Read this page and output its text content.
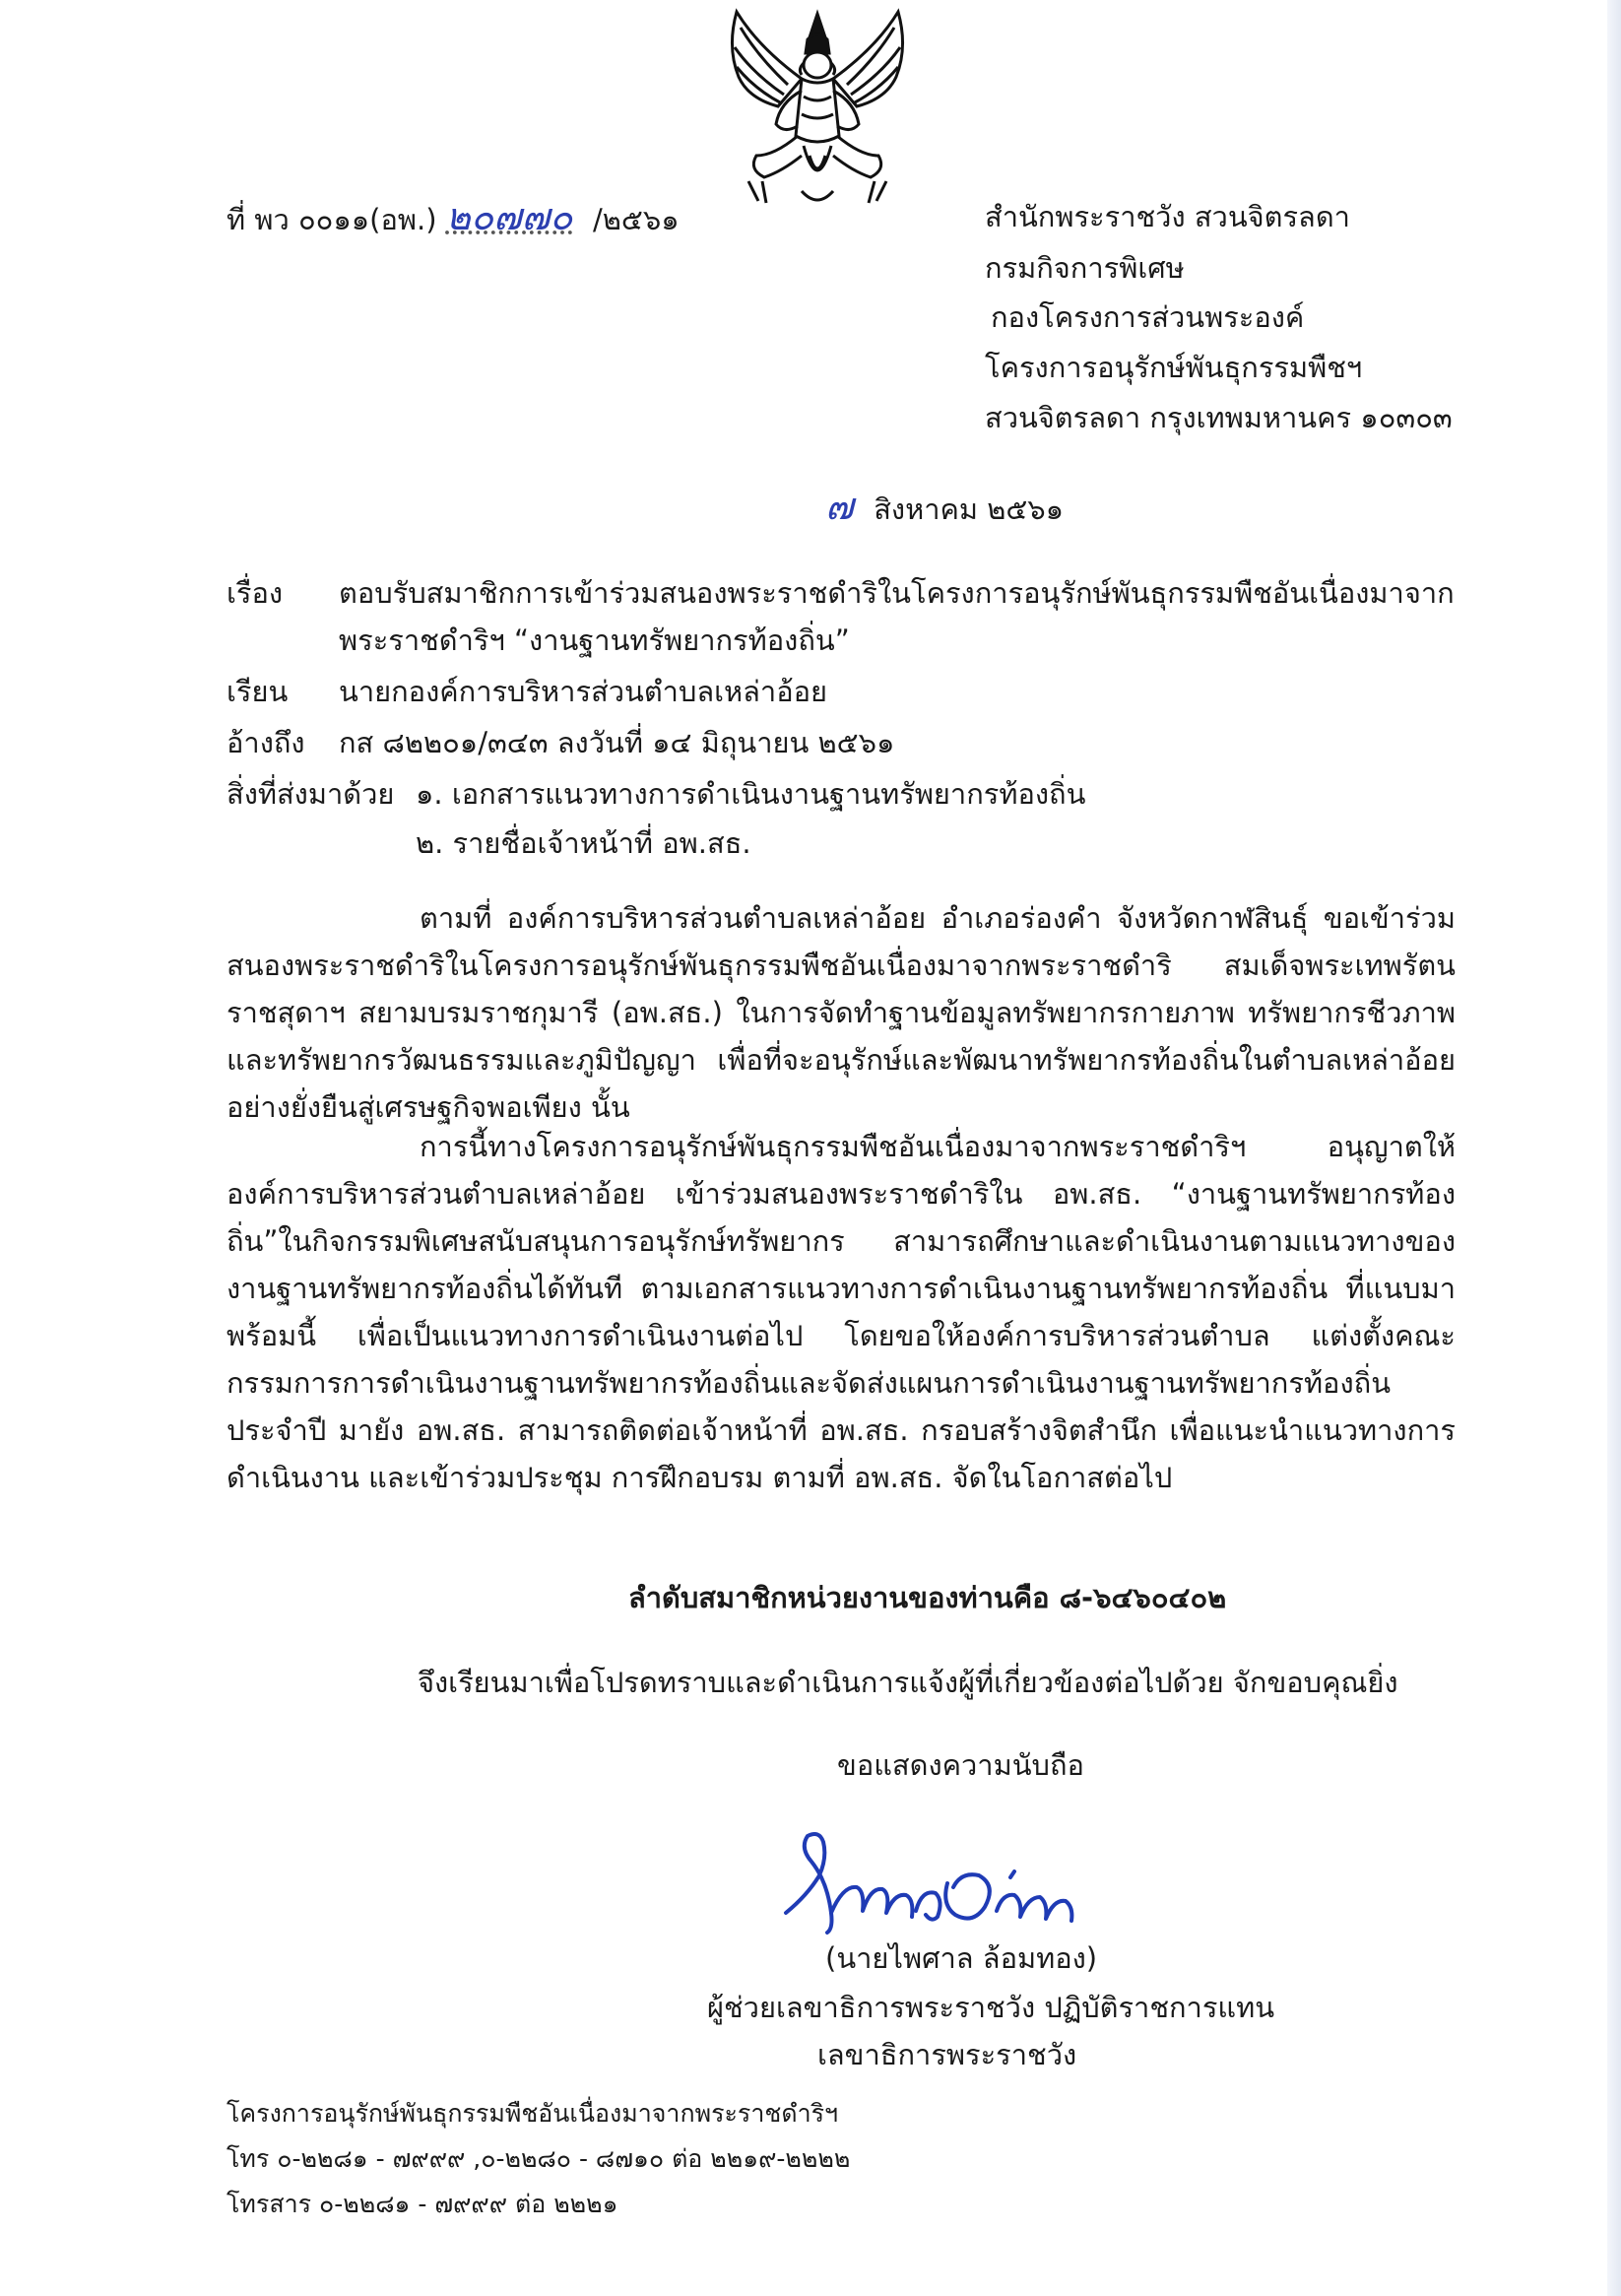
ที่ พว ๐๐๑๑(อพ.) ๒๐๗๗๐ /๒๕๖๑	สำนักพระราชวัง สวนจิตรลดา
กรมกิจการพิเศษ
กองโครงการส่วนพระองค์
โครงการอนุรักษ์พันธุกรรมพืชฯ
สวนจิตรลดา กรุงเทพมหานคร ๑๐๓๐๓
๗ สิงหาคม ๒๕๖๑
เรื่อง ตอบรับสมาชิกการเข้าร่วมสนองพระราชดำริในโครงการอนุรักษ์พันธุกรรมพืชอันเนื่องมาจาก
พระราชดำริฯ “งานฐานทรัพยากรท้องถิ่น”
เรียน นายกองค์การบริหารส่วนตำบลเหล่าอ้อย
อ้างถึง กส ๘๒๒๐๑/๓๔๓ ลงวันที่ ๑๔ มิถุนายน ๒๕๖๑
สิ่งที่ส่งมาด้วย ๑. เอกสารแนวทางการดำเนินงานฐานทรัพยากรท้องถิ่น
๒. รายชื่อเจ้าหน้าที่ อพ.สธ.
ตามที่ องค์การบริหารส่วนตำบลเหล่าอ้อย อำเภอร่องคำ จังหวัดกาฬสินธุ์ ขอเข้าร่วมสนองพระราชดำริในโครงการอนุรักษ์พันธุกรรมพืชอันเนื่องมาจากพระราชดำริ สมเด็จพระเทพรัตนราชสุดาฯ สยามบรมราชกุมารี (อพ.สธ.) ในการจัดทำฐานข้อมูลทรัพยากรกายภาพ ทรัพยากรชีวภาพ และทรัพยากรวัฒนธรรมและภูมิปัญญา เพื่อที่จะอนุรักษ์และพัฒนาทรัพยากรท้องถิ่นในตำบลเหล่าอ้อย อย่างยั่งยืนสู่เศรษฐกิจพอเพียง นั้น
การนี้ทางโครงการอนุรักษ์พันธุกรรมพืชอันเนื่องมาจากพระราชดำริฯ อนุญาตให้องค์การบริหารส่วนตำบลเหล่าอ้อย เข้าร่วมสนองพระราชดำริใน อพ.สธ. “งานฐานทรัพยากรท้องถิ่น”ในกิจกรรมพิเศษสนับสนุนการอนุรักษ์ทรัพยากร สามารถศึกษาและดำเนินงานตามแนวทางของงานฐานทรัพยากรท้องถิ่นได้ทันที ตามเอกสารแนวทางการดำเนินงานฐานทรัพยากรท้องถิ่น ที่แนบมาพร้อมนี้ เพื่อเป็นแนวทางการดำเนินงานต่อไป โดยขอให้องค์การบริหารส่วนตำบล แต่งตั้งคณะกรรมการการดำเนินงานฐานทรัพยากรท้องถิ่นและจัดส่งแผนการดำเนินงานฐานทรัพยากรท้องถิ่นประจำปี มายัง อพ.สธ. สามารถติดต่อเจ้าหน้าที่ อพ.สธ. กรอบสร้างจิตสำนึก เพื่อแนะนำแนวทางการดำเนินงาน และเข้าร่วมประชุม การฝึกอบรม ตามที่ อพ.สธ. จัดในโอกาสต่อไป
ลำดับสมาชิกหน่วยงานของท่านคือ ๘-๖๔๖๐๔๐๒
จึงเรียนมาเพื่อโปรดทราบและดำเนินการแจ้งผู้ที่เกี่ยวข้องต่อไปด้วย จักขอบคุณยิ่ง
ขอแสดงความนับถือ
(นายไพศาล ล้อมทอง)
ผู้ช่วยเลขาธิการพระราชวัง ปฏิบัติราชการแทน
เลขาธิการพระราชวัง
โครงการอนุรักษ์พันธุกรรมพืชอันเนื่องมาจากพระราชดำริฯ
โทร ๐-๒๒๘๑ - ๗๙๙๙ ,๐-๒๒๘๐ - ๘๗๑๐ ต่อ ๒๒๑๙-๒๒๒๒
โทรสาร ๐-๒๒๘๑ - ๗๙๙๙ ต่อ ๒๒๒๑
